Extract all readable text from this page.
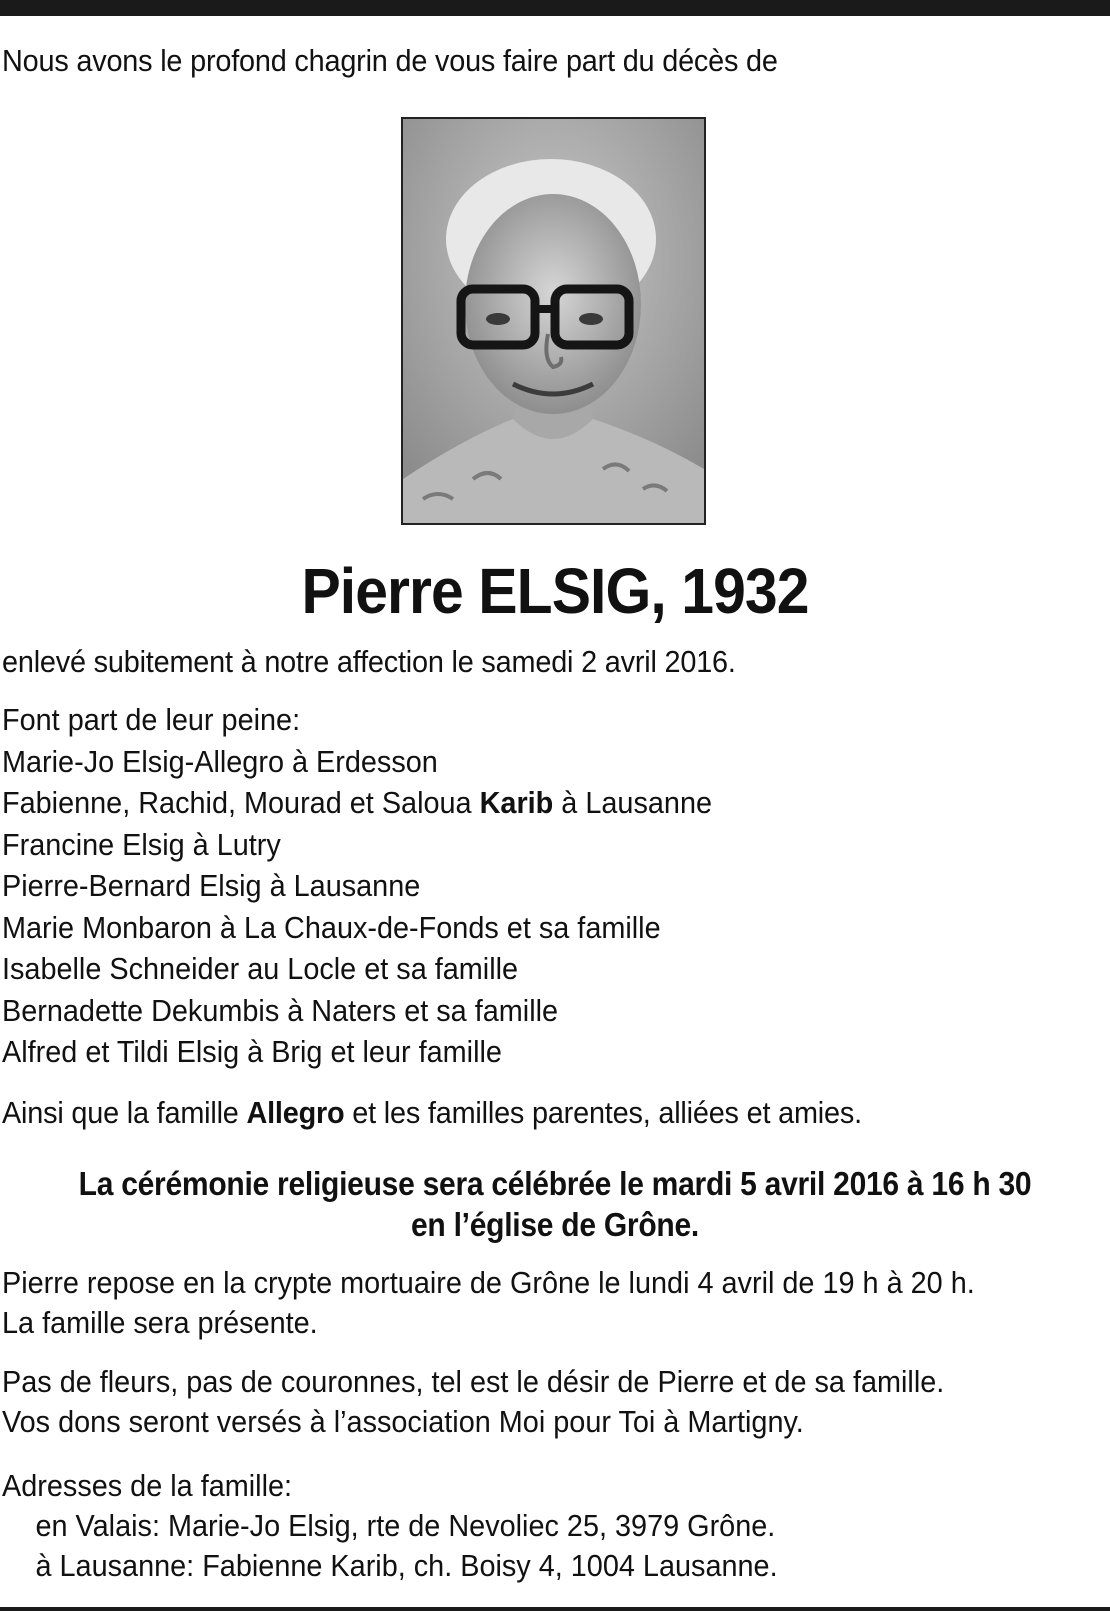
Nous avons le profond chagrin de vous faire part du décès de
Pierre ELSIG, 1932
enlevé subitement à notre affection le samedi 2 avril 2016.
Font part de leur peine:
Marie-Jo Elsig-Allegro à Erdesson
Fabienne, Rachid, Mourad et Saloua Karib à Lausanne
Francine Elsig à Lutry
Pierre-Bernard Elsig à Lausanne
Marie Monbaron à La Chaux-de-Fonds et sa famille
Isabelle Schneider au Locle et sa famille
Bernadette Dekumbis à Naters et sa famille
Alfred et Tildi Elsig à Brig et leur famille
Ainsi que la famille Allegro et les familles parentes, alliées et amies.
La cérémonie religieuse sera célébrée le mardi 5 avril 2016 à 16 h 30
en l’église de Grône.
Pierre repose en la crypte mortuaire de Grône le lundi 4 avril de 19 h à 20 h.
La famille sera présente.
Pas de fleurs, pas de couronnes, tel est le désir de Pierre et de sa famille.
Vos dons seront versés à l’association Moi pour Toi à Martigny.
Adresses de la famille:
en Valais: Marie-Jo Elsig, rte de Nevoliec 25, 3979 Grône.
à Lausanne: Fabienne Karib, ch. Boisy 4, 1004 Lausanne.
